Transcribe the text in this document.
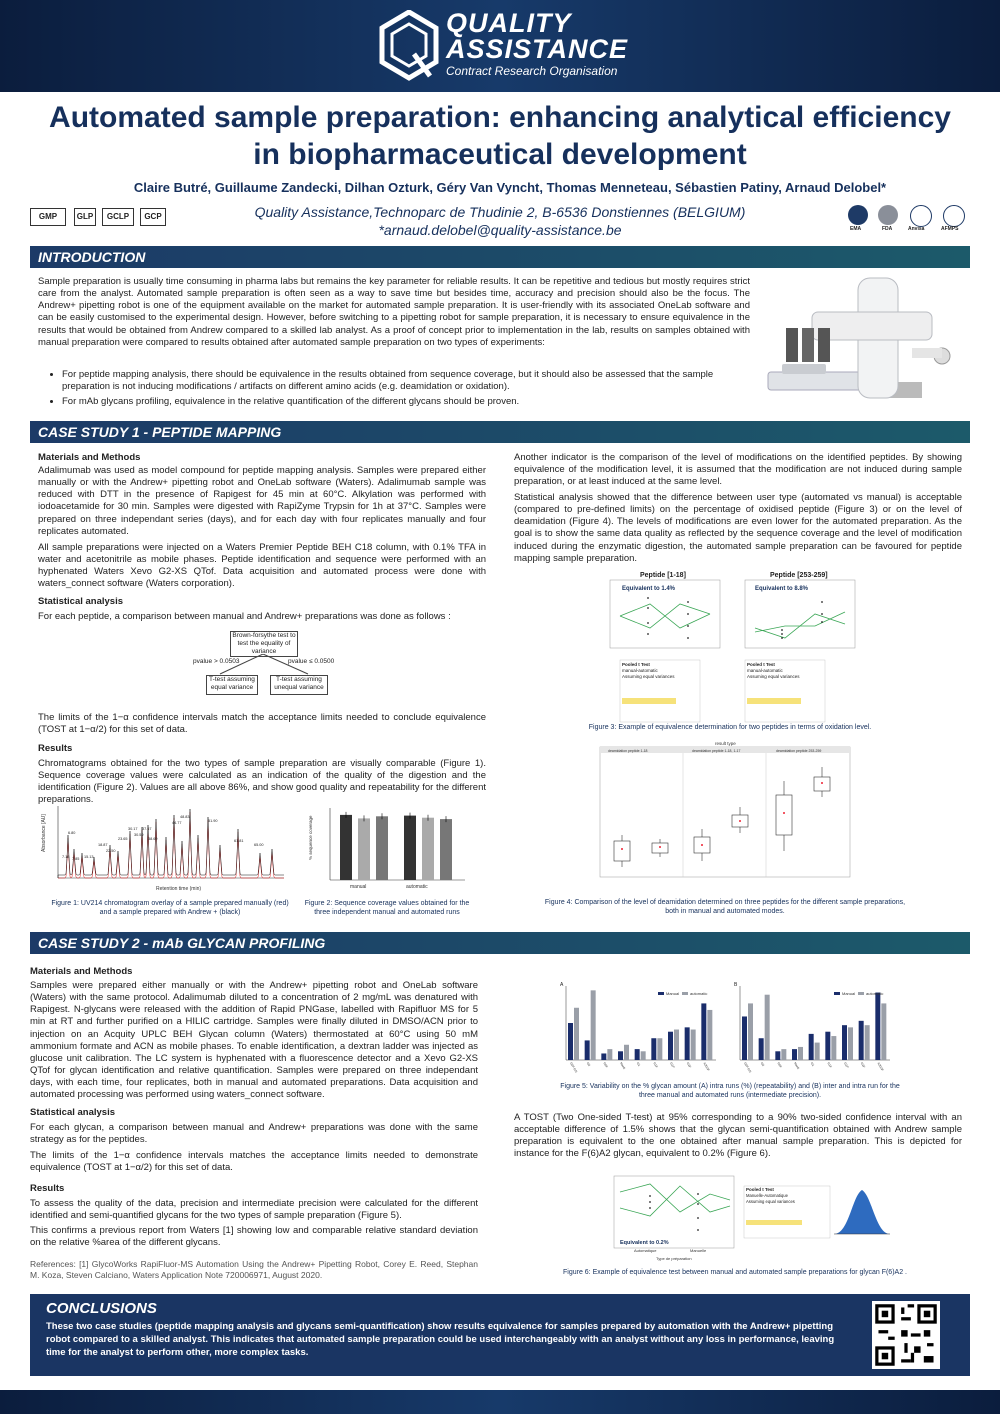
QUALITY
ASSISTANCE
Contract Research Organisation
Automated sample preparation: enhancing analytical efficiency in biopharmaceutical development
Claire Butré, Guillaume Zandecki, Dilhan Ozturk, Géry Van Vyncht, Thomas Menneteau, Sébastien Patiny, Arnaud Delobel*
Quality Assistance,Technoparc de Thudinie 2, B-6536 Donstiennes (BELGIUM)
*arnaud.delobel@quality-assistance.be
GMP	GLP	GCLP	GCP
EMA	FDA	Anvisa	AFMPS
INTRODUCTION

Sample preparation is usually time consuming in pharma labs but remains the key parameter for reliable results. It can be repetitive and tedious but mostly requires strict care from the analyst. Automated sample preparation is often seen as a way to save time but besides time, accuracy and precision should also be the focus. The Andrew+ pipetting robot is one of the equipment available on the market for automated sample preparation. It is user-friendly with its associated OneLab software and can be easily customised to the experimental design. However, before switching to a pipetting robot for sample preparation, it is necessary to ensure equivalence in the results that would be obtained from Andrew compared to a skilled lab analyst. As a proof of concept prior to implementation in the lab, results on samples obtained with manual preparation were compared to results obtained after automated sample preparation on two types of experiments:

• For peptide mapping analysis, there should be equivalence in the results obtained from sequence coverage, but it should also be assessed that the sample preparation is not inducing modifications / artifacts on different amino acids (e.g. deamidation or oxidation).
• For mAb glycans profiling, equivalence in the relative quantification of the different glycans should be proven.
CASE STUDY 1 - PEPTIDE MAPPING
Materials and Methods

Adalimumab was used as model compound for peptide mapping analysis. Samples were prepared either manually or with the Andrew+ pipetting robot and OneLab software (Waters). Adalimumab sample was reduced with DTT in the presence of Rapigest for 45 min at 60°C. Alkylation was performed with iodoacetamide for 30 min. Samples were digested with RapiZyme Trypsin for 1h at 37°C. Samples were prepared on three independant series (days), and for each day with four replicates manually and four replicates automated.

All sample preparations were injected on a Waters Premier Peptide BEH C18 column, with 0.1% TFA in water and acetonitrile as mobile phases. Peptide identification and sequence were performed with an hyphenated Waters Xevo G2-XS QTof. Data acquisition and automated process were done with waters_connect software (Waters corporation).

Statistical analysis

For each peptide, a comparison between manual and Andrew+ preparations was done as follows :

Brown-forsythe test to test the equality of variance
pvalue > 0.0503	pvalue ≤ 0.0500
T-test assuming equal variance
T-test assuming unequal variance

The limits of the 1−α confidence intervals match the acceptance limits needed to conclude equivalence (TOST at 1−α/2) for this set of data.

Results

Chromatograms obtained for the two types of sample preparation are visually comparable (Figure 1). Sequence coverage values were calculated as an indication of the quality of the digestion and the identification (Figure 2). Values are all above 86%, and show good quality and repeatability for the different preparations.

Retention time (min)
Absorbance [AU]	6.80
7.18 7.85 15.13
18.87
22.50
23.65
30.17
30.59
37.67
38.69
44.77
48.83
51.90
61.81
65.00

Figure 1: UV214 chromatogram overlay of a sample prepared manually (red) and a sample prepared with Andrew + (black)

% sequence coverage
manual	automatic

Figure 2: Sequence coverage values obtained for the three independent manual and automated runs

Another indicator is the comparison of the level of modifications on the identified peptides. By showing equivalence of the modification level, it is assumed that the modification are not induced during sample preparation, or at least induced at the same level.

Statistical analysis showed that the difference between user type (automated vs manual) is acceptable (compared to pre-defined limits) on the percentage of oxidised peptide (Figure 3) or on the level of deamidation (Figure 4). The levels of modifications are even lower for the automated preparation. As the goal is to show the same data quality as reflected by the sequence coverage and the level of modification induced during the enzymatic digestion, the automated sample preparation can be favoured for peptide mapping sample preparation.

Peptide [1-18]	Peptide [253-259]
Equivalent to 1.4%	Equivalent to 8.8%
Pooled t Test
manual-automatic
Assuming equal variances
Pooled t Test
manual-automatic
Assuming equal variances

Figure 3: Example of equivalence determination for two peptides in terms of oxidation level.

result type
deamidation peptide 1-18	deamidation peptide 1-18, 1-17	deamidation peptide 253-259

Figure 4: Comparison of the level of deamidation determined on three peptides for the different sample preparations, both in manual and automated modes.

CASE STUDY 2 - mAb GLYCAN PROFILING
Materials and Methods

Samples were prepared either manually or with the Andrew+ pipetting robot and OneLab software (Waters) with the same protocol. Adalimumab diluted to a concentration of 2 mg/mL was denatured with Rapigest. N-glycans were released with the addition of Rapid PNGase, labelled with Rapifluor MS for 5 min at RT and further purified on a HILIC cartridge. Samples were finally diluted in DMSO/ACN prior to injection on an Acquity UPLC BEH Glycan column (Waters) thermostated at 60°C using 50 mM ammonium formate and ACN as mobile phases. To enable identification, a dextran ladder was injected as glucose unit calibration. The LC system is hyphenated with a fluorescence detector and a Xevo G2-XS QTof for glycan identification and relative quantification. Samples were prepared on three independant days, with each time, four replicates, both in manual and automated preparations. Data acquisition and automated processing was performed using waters_connect software.

Statistical analysis

For each glycan, a comparison between manual and Andrew+ preparations was done with the same strategy as for the peptides.

The limits of the 1−α confidence intervals matches the acceptance limits needed to demonstrate equivalence (TOST at 1−α/2) for this set of data.

Results

To assess the quality of the data, precision and intermediate precision were calculated for the different identified and semi-quantified glycans for the two types of sample preparation (Figure 5).

This confirms a previous report from Waters [1] showing low and comparable relative standard deviation on the relative %area of the different glycans.

References: [1] GlycoWorks RapiFluor-MS Automation Using the Andrew+ Pipetting Robot, Corey E. Reed, Stephan M. Koza, Steven Calciano, Waters Application Note 720006971, August 2020.

G0F-GN	G0	G0F	Man5	G1	G1F	G1F'	G2F	A2G0F	G0F-GN	G0	G0F	Man5	G1	G1F	G1F'	G2F	A2G0F
A	B
Manual	automatic	Manual	automatic

Figure 5: Variability on the % glycan amount (A) intra runs (%) (repeatability) and (B) inter and intra run for the three manual and automated runs (intermediate precision).

A TOST (Two One-sided T-test) at 95% corresponding to a 90% two-sided confidence interval with an acceptable difference of 1.5% shows that the glycan semi-quantification obtained with Andrew sample preparation is equivalent to the one obtained after manual sample preparation. This is depicted for instance for the F(6)A2 glycan, equivalent to 0.2% (Figure 6).

Equivalent to 0.2%
Automatique	Manuelle
Type de préparation
Pooled t Test
Manuelle-Automatique
Assuming equal variances

Figure 6: Example of equivalence test between manual and automated sample preparations for glycan F(6)A2 .

CONCLUSIONS

These two case studies (peptide mapping analysis and glycans semi-quantification) show results equivalence for samples prepared by automation with the Andrew+ pipetting robot compared to a skilled analyst. This indicates that automated sample preparation could be used interchangeably with an analyst without any loss in performance, leaving time for the analyst to perform other, more complex tasks.
